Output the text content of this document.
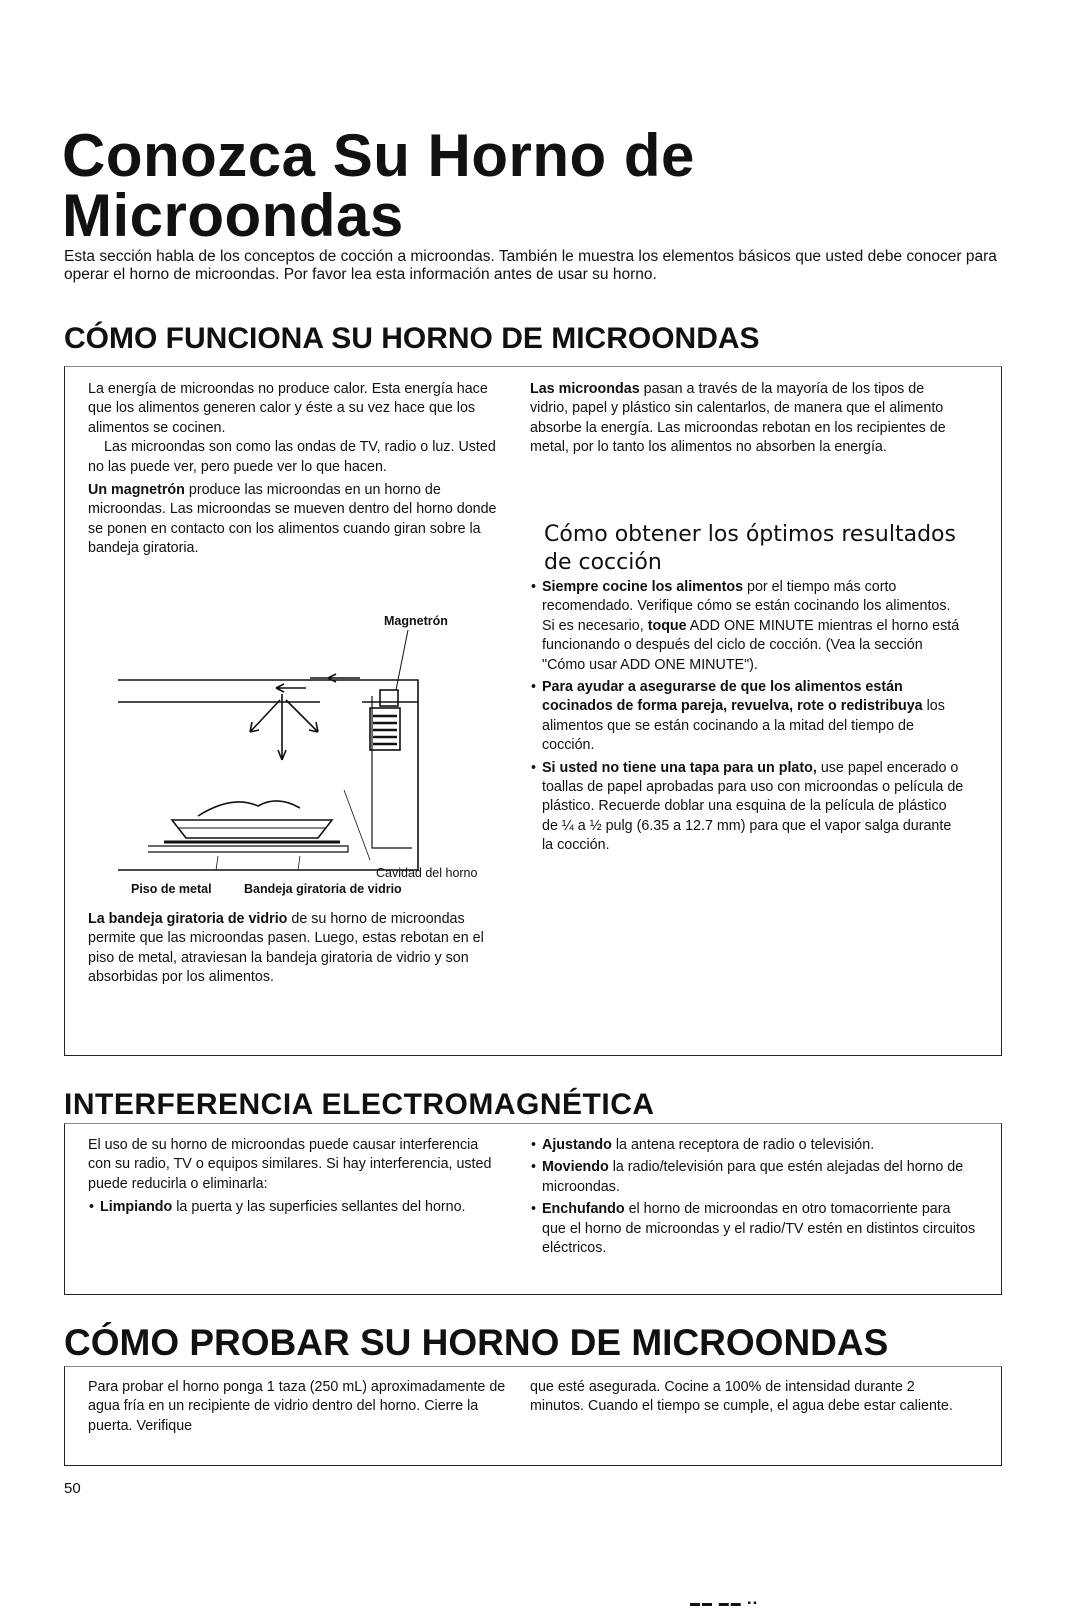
Conozca Su Horno de Microondas

Esta sección habla de los conceptos de cocción a microondas. También le muestra los elementos básicos que usted debe conocer para operar el horno de microondas. Por favor lea esta información antes de usar su horno.

CÓMO FUNCIONA SU HORNO DE MICROONDAS

La energía de microondas no produce calor. Esta energía hace que los alimentos generen calor y éste a su vez hace que los alimentos se cocinen.

Las microondas son como las ondas de TV, radio o luz. Usted no las puede ver, pero puede ver lo que hacen.

Un magnetrón produce las microondas en un horno de microondas. Las microondas se mueven dentro del horno donde se ponen en contacto con los alimentos cuando giran sobre la bandeja giratoria.

Magnetrón
Cavidad del horno
Piso de metal	Bandeja giratoria de vidrio

La bandeja giratoria de vidrio de su horno de microondas permite que las microondas pasen. Luego, estas rebotan en el piso de metal, atraviesan la bandeja giratoria de vidrio y son absorbidas por los alimentos.

Las microondas pasan a través de la mayoría de los tipos de vidrio, papel y plástico sin calentarlos, de manera que el alimento absorbe la energía. Las microondas rebotan en los recipientes de metal, por lo tanto los alimentos no absorben la energía.

Cómo obtener los óptimos resultados de cocción
• Siempre cocine los alimentos por el tiempo más corto recomendado. Verifique cómo se están cocinando los alimentos. Si es necesario, toque ADD ONE MINUTE mientras el horno está funcionando o después del ciclo de cocción. (Vea la sección "Cómo usar ADD ONE MINUTE").
• Para ayudar a asegurarse de que los alimentos están cocinados de forma pareja, revuelva, rote o redistribuya los alimentos que se están cocinando a la mitad del tiempo de cocción.
• Si usted no tiene una tapa para un plato, use papel encerado o toallas de papel aprobadas para uso con microondas o película de plástico. Recuerde doblar una esquina de la película de plástico de ¼ a ½ pulg (6.35 a 12.7 mm) para que el vapor salga durante la cocción.
INTERFERENCIA ELECTROMAGNÉTICA

El uso de su horno de microondas puede causar interferencia con su radio, TV o equipos similares. Si hay interferencia, usted puede reducirla o eliminarla:

• Limpiando la puerta y las superficies sellantes del horno.
• Ajustando la antena receptora de radio o televisión.
• Moviendo la radio/televisión para que estén alejadas del horno de microondas.
• Enchufando el horno de microondas en otro tomacorriente para que el horno de microondas y el radio/TV estén en distintos circuitos eléctricos.
CÓMO PROBAR SU HORNO DE MICROONDAS
Para probar el horno ponga 1 taza (250 mL) aproximadamente de agua fría en un recipiente de vidrio dentro del horno. Cierre la puerta. Verifique
que esté asegurada. Cocine a 100% de intensidad durante 2 minutos. Cuando el tiempo se cumple, el agua debe estar caliente.
50
▬▬ ▬▬ ▪▪
